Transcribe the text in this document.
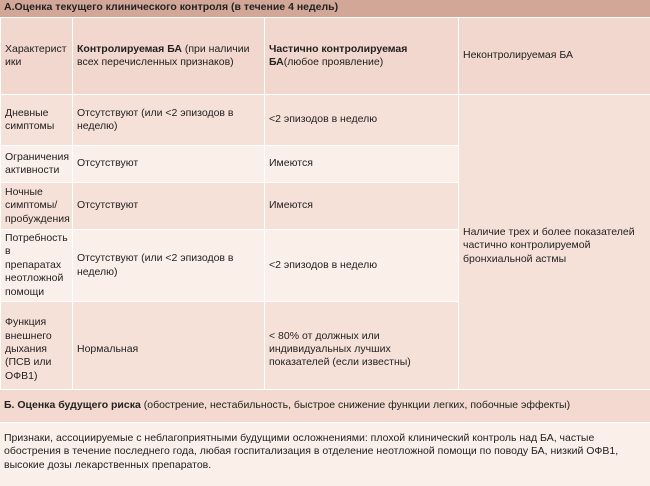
А.Оценка текущего клинического контроля (в течение 4 недель)
Характеристики	Контролируемая БА (при наличии всех перечисленных признаков)	Частично контролируемая БА(любое проявление)	Неконтролируемая БА
Дневные симптомы	Отсутствуют (или <2 эпизодов в неделю)	<2 эпизодов в неделю	Наличие трех и более показателей частично контролируемой бронхиальной астмы
Ограничения активности	Отсутствуют	Имеются	
Ночные симптомы/ пробуждения	Отсутствуют	Имеются	
Потребность в препаратах неотложной помощи	Отсутствуют (или <2 эпизодов в неделю)	<2 эпизодов в неделю	
Функция внешнего дыхания (ПСВ или ОФВ1)	Нормальная	< 80% от должных или индивидуальных лучших показателей (если известны)	
Б. Оценка будущего риска (обострение, нестабильность, быстрое снижение функции легких, побочные эффекты)
Признаки, ассоциируемые с неблагоприятными будущими осложнениями: плохой клинический контроль над БА, частые обострения в течение последнего года, любая госпитализация в отделение неотложной помощи по поводу БА, низкий ОФВ1, высокие дозы лекарственных препаратов.
